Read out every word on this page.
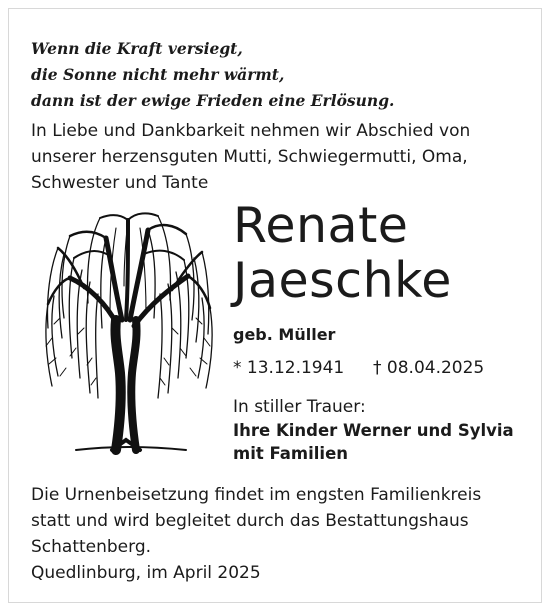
Wenn die Kraft versiegt,
die Sonne nicht mehr wärmt,
dann ist der ewige Frieden eine Erlösung.
In Liebe und Dankbarkeit nehmen wir Abschied von
unserer herzensguten Mutti, Schwiegermutti, Oma,
Schwester und Tante
Renate
Jaeschke
geb. Müller
* 13.12.1941 † 08.04.2025
In stiller Trauer:
Ihre Kinder Werner und Sylvia
mit Familien
Die Urnenbeisetzung findet im engsten Familienkreis
statt und wird begleitet durch das Bestattungshaus
Schattenberg.
Quedlinburg, im April 2025
